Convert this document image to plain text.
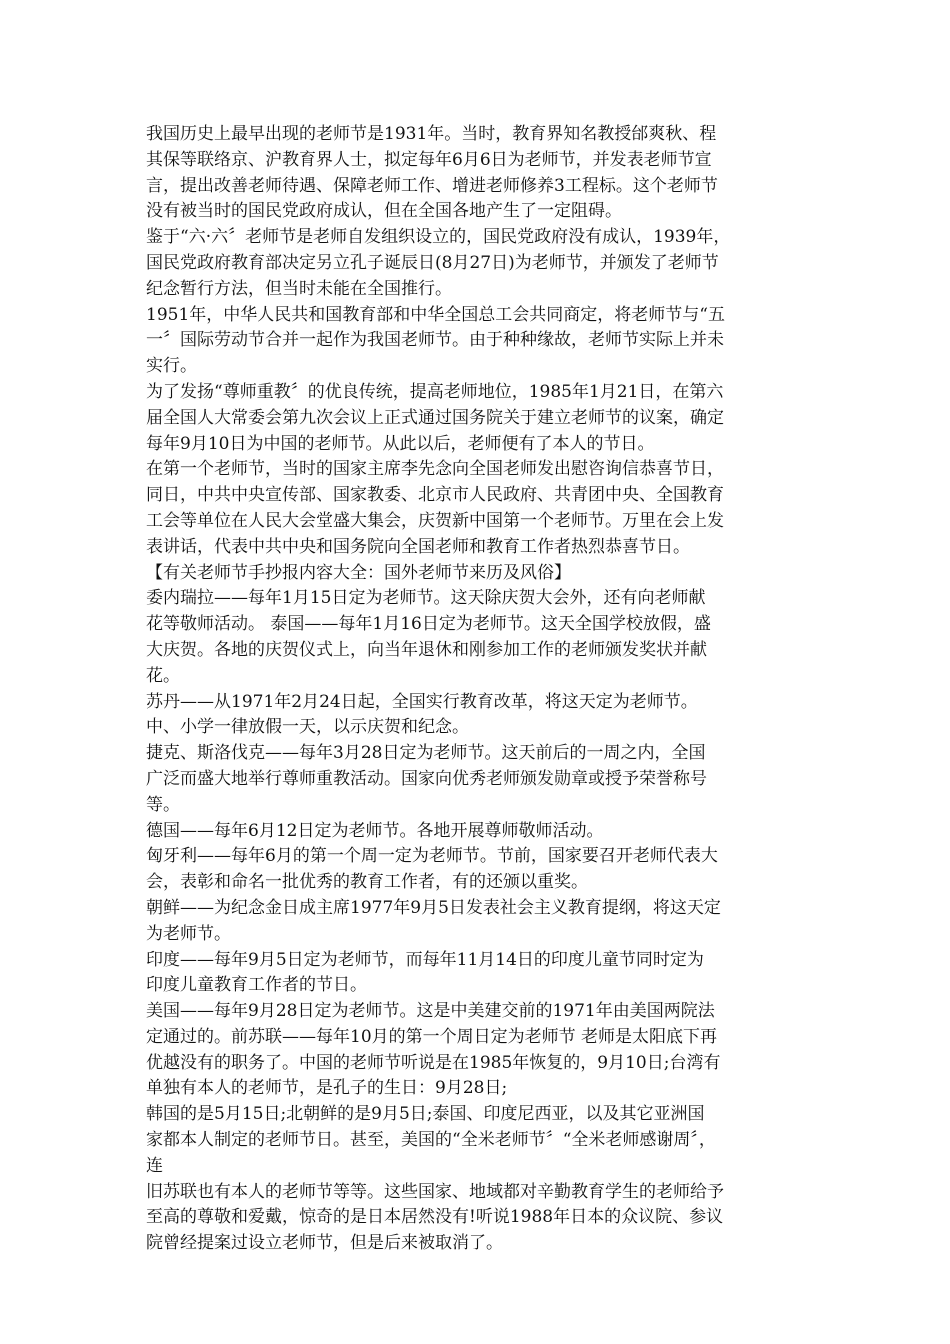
我国历史上最早出现的老师节是1931年。当时，教育界知名教授邰爽秋、程
其保等联络京、沪教育界人士，拟定每年6月6日为老师节，并发表老师节宣
言，提出改善老师待遇、保障老师工作、增进老师修养3工程标。这个老师节
没有被当时的国民党政府成认，但在全国各地产生了一定阻碍。

鉴于“六·六〞老师节是老师自发组织设立的，国民党政府没有成认，1939年，
国民党政府教育部决定另立孔子诞辰日(8月27日)为老师节，并颁发了老师节
纪念暂行方法，但当时未能在全国推行。

1951年，中华人民共和国教育部和中华全国总工会共同商定，将老师节与“五
一〞国际劳动节合并一起作为我国老师节。由于种种缘故，老师节实际上并未
实行。

为了发扬“尊师重教〞的优良传统，提高老师地位，1985年1月21日，在第六
届全国人大常委会第九次会议上正式通过国务院关于建立老师节的议案，确定
每年9月10日为中国的老师节。从此以后，老师便有了本人的节日。

在第一个老师节，当时的国家主席李先念向全国老师发出慰咨询信恭喜节日，
同日，中共中央宣传部、国家教委、北京市人民政府、共青团中央、全国教育
工会等单位在人民大会堂盛大集会，庆贺新中国第一个老师节。万里在会上发
表讲话，代表中共中央和国务院向全国老师和教育工作者热烈恭喜节日。

【有关老师节手抄报内容大全：国外老师节来历及风俗】

委内瑞拉——每年1月15日定为老师节。这天除庆贺大会外，还有向老师献
花等敬师活动。 泰国——每年1月16日定为老师节。这天全国学校放假，盛
大庆贺。各地的庆贺仪式上，向当年退休和刚参加工作的老师颁发奖状并献
花。

苏丹——从1971年2月24日起，全国实行教育改革，将这天定为老师节。
中、小学一律放假一天，以示庆贺和纪念。

捷克、斯洛伐克——每年3月28日定为老师节。这天前后的一周之内，全国
广泛而盛大地举行尊师重教活动。国家向优秀老师颁发勋章或授予荣誉称号
等。

德国——每年6月12日定为老师节。各地开展尊师敬师活动。

匈牙利——每年6月的第一个周一定为老师节。节前，国家要召开老师代表大
会，表彰和命名一批优秀的教育工作者，有的还颁以重奖。

朝鲜——为纪念金日成主席1977年9月5日发表社会主义教育提纲，将这天定
为老师节。

印度——每年9月5日定为老师节，而每年11月14日的印度儿童节同时定为
印度儿童教育工作者的节日。

美国——每年9月28日定为老师节。这是中美建交前的1971年由美国两院法
定通过的。前苏联——每年10月的第一个周日定为老师节 老师是太阳底下再
优越没有的职务了。中国的老师节听说是在1985年恢复的，9月10日;台湾有
单独有本人的老师节，是孔子的生日：9月28日;

韩国的是5月15日;北朝鲜的是9月5日;泰国、印度尼西亚，以及其它亚洲国
家都本人制定的老师节日。甚至，美国的“全米老师节〞“全米老师感谢周〞，
连

旧苏联也有本人的老师节等等。这些国家、地域都对辛勤教育学生的老师给予
至高的尊敬和爱戴，惊奇的是日本居然没有!听说1988年日本的众议院、参议
院曾经提案过设立老师节，但是后来被取消了。
